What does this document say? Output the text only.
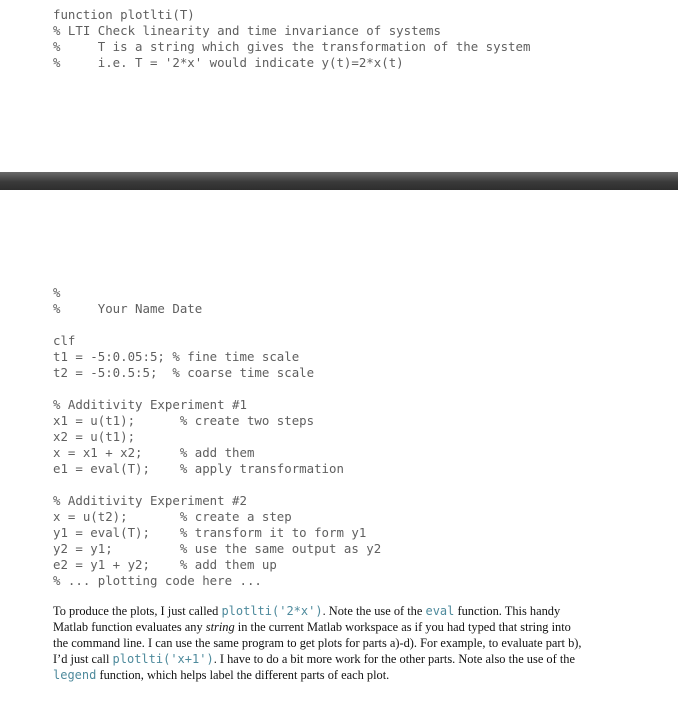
function plotlti(T)
% LTI Check linearity and time invariance of systems
%     T is a string which gives the transformation of the system
%     i.e. T = '2*x' would indicate y(t)=2*x(t)
%
%     Your Name Date
clf
t1 = -5:0.05:5; % fine time scale
t2 = -5:0.5:5;  % coarse time scale
% Additivity Experiment #1
x1 = u(t1);      % create two steps
x2 = u(t1);
x = x1 + x2;     % add them
e1 = eval(T);    % apply transformation
% Additivity Experiment #2
x = u(t2);       % create a step
y1 = eval(T);    % transform it to form y1
y2 = y1;         % use the same output as y2
e2 = y1 + y2;    % add them up
% ... plotting code here ...
To produce the plots, I just called plotlti('2*x'). Note the use of the eval function. This handy
Matlab function evaluates any string in the current Matlab workspace as if you had typed that string into
the command line. I can use the same program to get plots for parts a)-d). For example, to evaluate part b),
I’d just call plotlti('x+1'). I have to do a bit more work for the other parts. Note also the use of the
legend function, which helps label the different parts of each plot.
